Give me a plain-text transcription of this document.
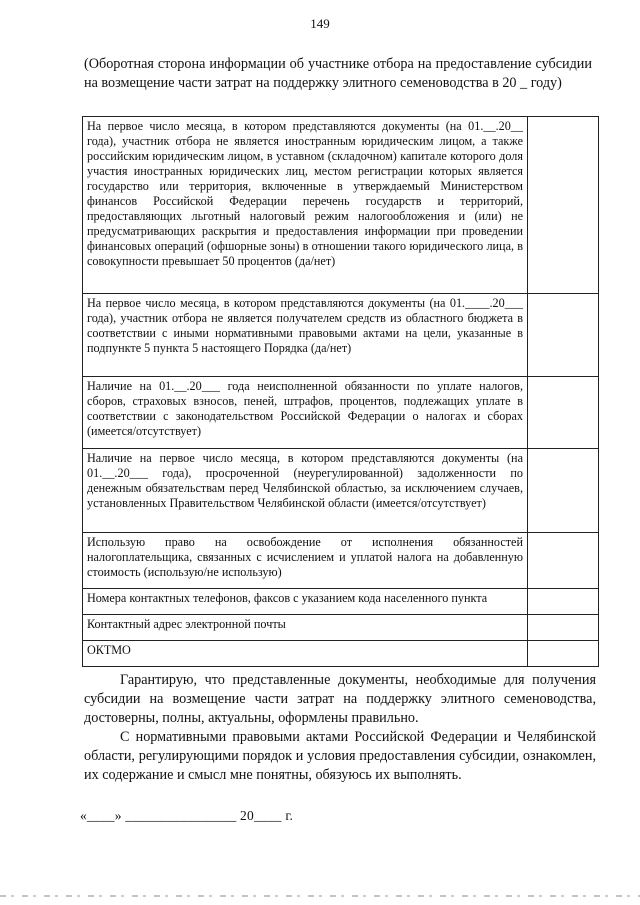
149
(Оборотная сторона информации об участнике отбора на предоставление субсидии на возмещение части затрат на поддержку элитного семеноводства в 20 _ году)
На первое число месяца, в котором представляются документы (на 01.__.20__ года), участник отбора не является иностранным юридическим лицом, а также российским юридическим лицом, в уставном (складочном) капитале которого доля участия иностранных юридических лиц, местом регистрации которых является государство или территория, включенные в утверждаемый Министерством финансов Российской Федерации перечень государств и территорий, предоставляющих льготный налоговый режим налогообложения и (или) не предусматривающих раскрытия и предоставления информации при проведении финансовых операций (офшорные зоны) в отношении такого юридического лица, в совокупности превышает 50 процентов (да/нет)	
На первое число месяца, в котором представляются документы (на 01.____.20___ года), участник отбора не является получателем средств из областного бюджета в соответствии с иными нормативными правовыми актами на цели, указанные в подпункте 5 пункта 5 настоящего Порядка (да/нет)	
Наличие на 01.__.20___ года неисполненной обязанности по уплате налогов, сборов, страховых взносов, пеней, штрафов, процентов, подлежащих уплате в соответствии с законодательством Российской Федерации о налогах и сборах (имеется/отсутствует)	
Наличие на первое число месяца, в котором представляются документы (на 01.__.20___ года), просроченной (неурегулированной) задолженности по денежным обязательствам перед Челябинской областью, за исключением случаев, установленных Правительством Челябинской области (имеется/отсутствует)	
Использую право на освобождение от исполнения обязанностей налогоплательщика, связанных с исчислением и уплатой налога на добавленную стоимость (использую/не использую)	
Номера контактных телефонов, факсов с указанием кода населенного пункта	
Контактный адрес электронной почты	
ОКТМО	

Гарантирую, что представленные документы, необходимые для получения субсидии на возмещение части затрат на поддержку элитного семеноводства, достоверны, полны, актуальны, оформлены правильно.

С нормативными правовыми актами Российской Федерации и Челябинской области, регулирующими порядок и условия предоставления субсидии, ознакомлен, их содержание и смысл мне понятны, обязуюсь их выполнять.

«____» ________________ 20____ г.
